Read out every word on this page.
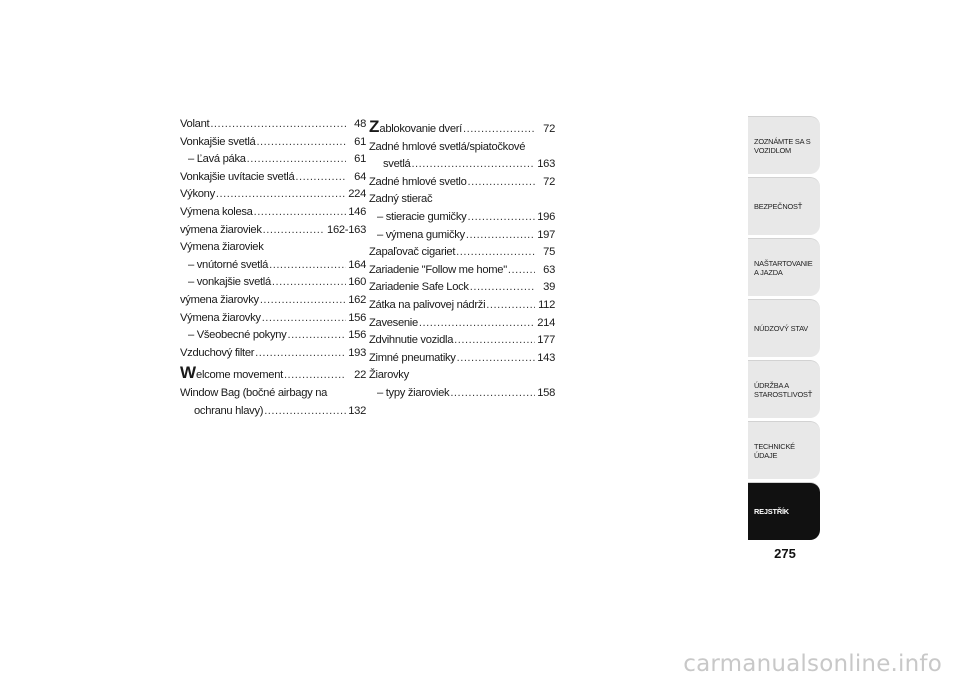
Volant .....	48
Vonkajšie svetlá .....	61
– Ľavá páka .....	61
Vonkajšie uvítacie svetlá .....	64
Výkony .....	224
Výmena kolesa .....	146
výmena žiaroviek .....	162-163
Výmena žiaroviek
– vnútorné svetlá .....	164
– vonkajšie svetlá .....	160
výmena žiarovky .....	162
Výmena žiarovky .....	156
– Všeobecné pokyny .....	156
Vzduchový filter .....	193
Welcome movement .....	22
Window Bag (bočné airbagy na
ochranu hlavy) .....	132
Zablokovanie dverí .....	72
Zadné hmlové svetlá/spiatočkové
svetlá .....	163
Zadné hmlové svetlo .....	72
Zadný stierač
– stieracie gumičky .....	196
– výmena gumičky .....	197
Zapaľovač cigariet .....	75
Zariadenie "Follow me home" .....	63
Zariadenie Safe Lock .....	39
Zátka na palivovej nádrži .....	112
Zavesenie .....	214
Zdvihnutie vozidla .....	177
Zimné pneumatiky .....	143
Žiarovky
– typy žiaroviek .....	158
ZOZNÁMTE SA S VOZIDLOM
BEZPEČNOSŤ
NAŠTARTOVANIE A JAZDA
NÚDZOVÝ STAV
ÚDRŽBA A STAROSTLIVOSŤ
TECHNICKÉ ÚDAJE
REJSTŘÍK
275
carmanualsonline.info
